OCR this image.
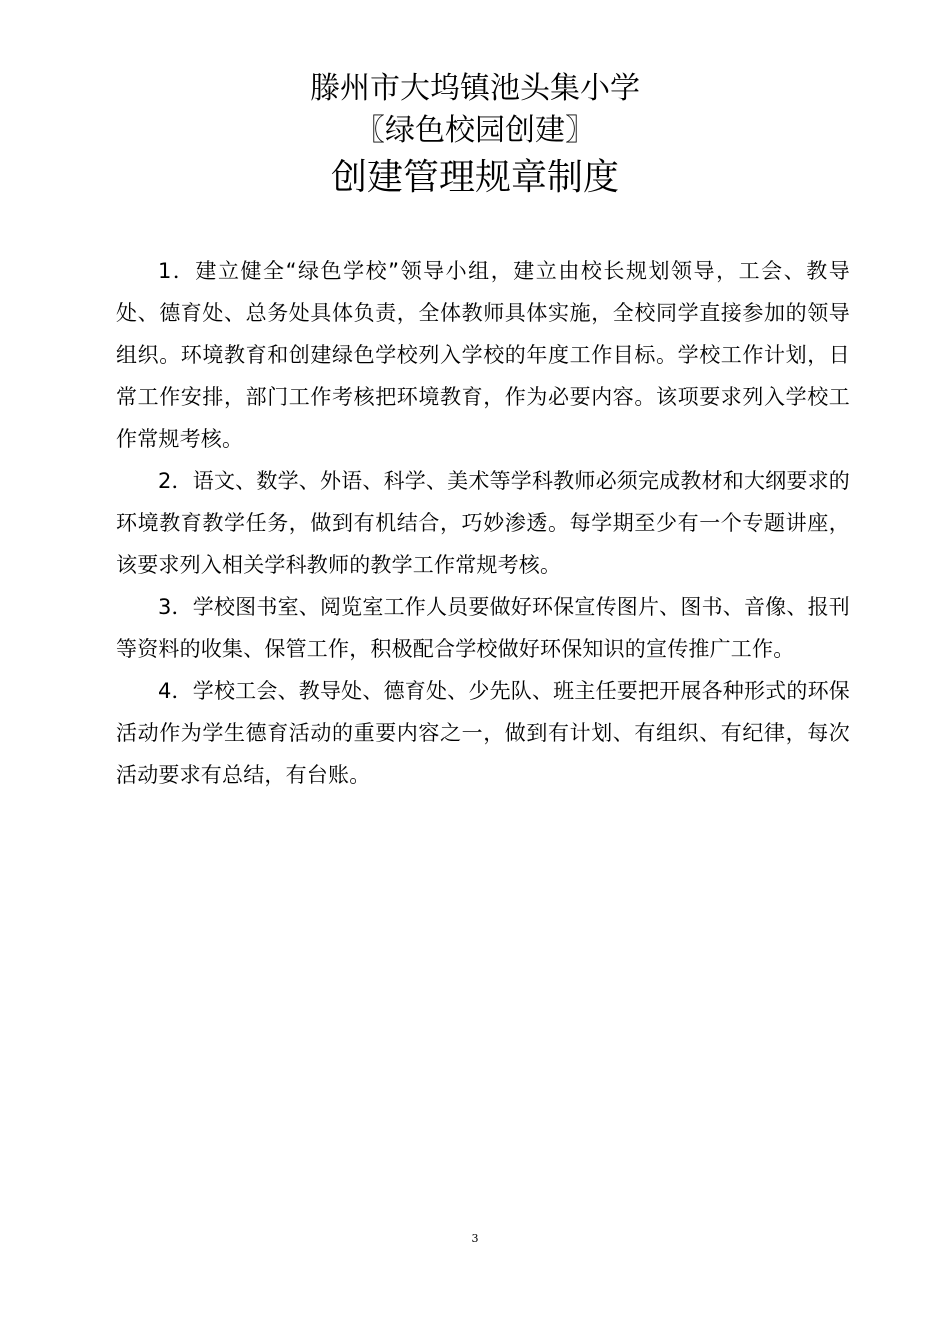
滕州市大坞镇池头集小学
〖绿色校园创建〗
创建管理规章制度

1．建立健全“绿色学校”领导小组，建立由校长规划领导，工会、教导处、德育处、总务处具体负责，全体教师具体实施，全校同学直接参加的领导组织。环境教育和创建绿色学校列入学校的年度工作目标。学校工作计划，日常工作安排，部门工作考核把环境教育，作为必要内容。该项要求列入学校工作常规考核。

2．语文、数学、外语、科学、美术等学科教师必须完成教材和大纲要求的环境教育教学任务，做到有机结合，巧妙渗透。每学期至少有一个专题讲座，该要求列入相关学科教师的教学工作常规考核。

3．学校图书室、阅览室工作人员要做好环保宣传图片、图书、音像、报刊等资料的收集、保管工作，积极配合学校做好环保知识的宣传推广工作。

4．学校工会、教导处、德育处、少先队、班主任要把开展各种形式的环保活动作为学生德育活动的重要内容之一，做到有计划、有组织、有纪律，每次活动要求有总结，有台账。

3
